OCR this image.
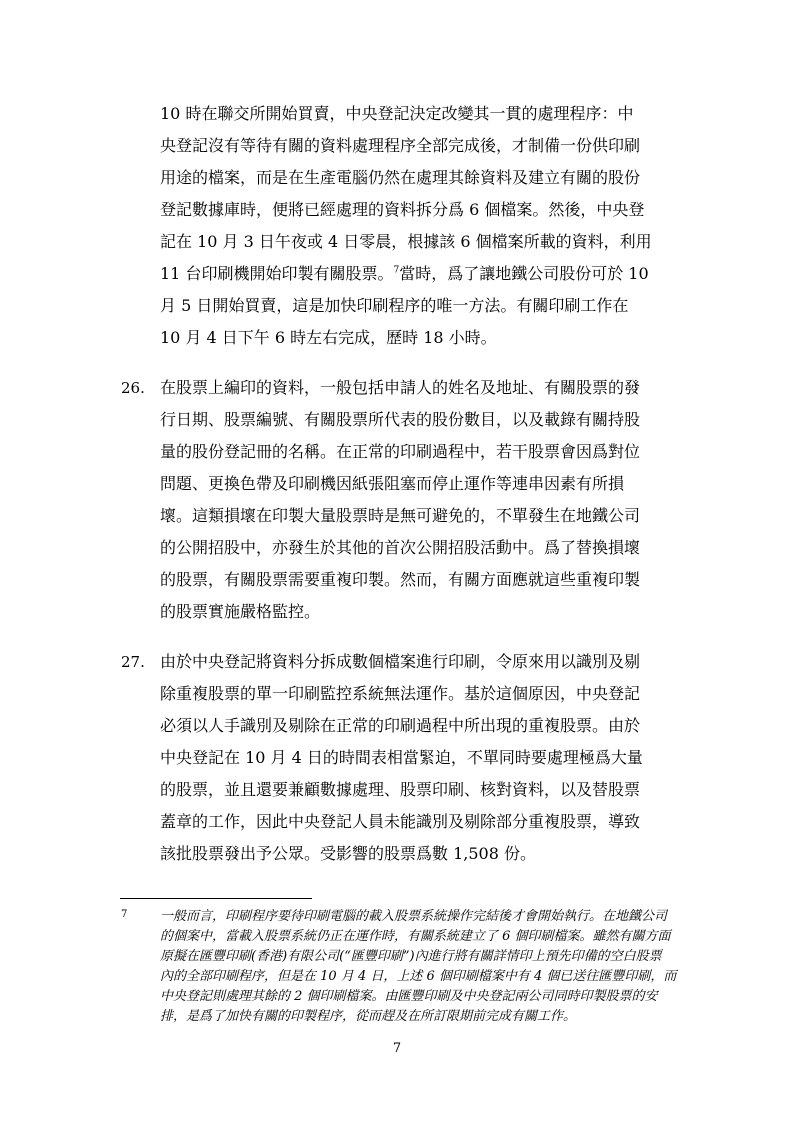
10 時在聯交所開始買賣，中央登記決定改變其一貫的處理程序：中
央登記沒有等待有關的資料處理程序全部完成後，才制備一份供印刷
用途的檔案，而是在生產電腦仍然在處理其餘資料及建立有關的股份
登記數據庫時，便將已經處理的資料拆分爲 6 個檔案。然後，中央登
記在 10 月 3 日午夜或 4 日零晨，根據該 6 個檔案所載的資料，利用
11 台印刷機開始印製有關股票。$^7$當時，爲了讓地鐵公司股份可於 10
月 5 日開始買賣，這是加快印刷程序的唯一方法。有關印刷工作在
10 月 4 日下午 6 時左右完成，歷時 18 小時。
26. 在股票上編印的資料，一般包括申請人的姓名及地址、有關股票的發
行日期、股票編號、有關股票所代表的股份數目，以及載錄有關持股
量的股份登記冊的名稱。在正常的印刷過程中，若干股票會因爲對位
問題、更換色帶及印刷機因紙張阻塞而停止運作等連串因素有所損
壞。這類損壞在印製大量股票時是無可避免的，不單發生在地鐵公司
的公開招股中，亦發生於其他的首次公開招股活動中。爲了替換損壞
的股票，有關股票需要重複印製。然而，有關方面應就這些重複印製
的股票實施嚴格監控。
27. 由於中央登記將資料分拆成數個檔案進行印刷，令原來用以識別及剔
除重複股票的單一印刷監控系統無法運作。基於這個原因，中央登記
必須以人手識別及剔除在正常的印刷過程中所出現的重複股票。由於
中央登記在 10 月 4 日的時間表相當緊迫，不單同時要處理極爲大量
的股票，並且還要兼顧數據處理、股票印刷、核對資料，以及替股票
蓋章的工作，因此中央登記人員未能識別及剔除部分重複股票，導致
該批股票發出予公眾。受影響的股票爲數 1,508 份。
7	一般而言，印刷程序要待印刷電腦的載入股票系統操作完結後才會開始執行。在地鐵公司
的個案中，當載入股票系統仍正在運作時，有關系統建立了 6 個印刷檔案。雖然有關方面
原擬在匯豐印刷(香港)有限公司(“匯豐印刷”)內進行將有關詳情印上預先印備的空白股票
內的全部印刷程序，但是在 10 月 4 日，上述 6 個印刷檔案中有 4 個已送往匯豐印刷，而
中央登記則處理其餘的 2 個印刷檔案。由匯豐印刷及中央登記兩公司同時印製股票的安
排，是爲了加快有關的印製程序，從而趕及在所訂限期前完成有關工作。
7
